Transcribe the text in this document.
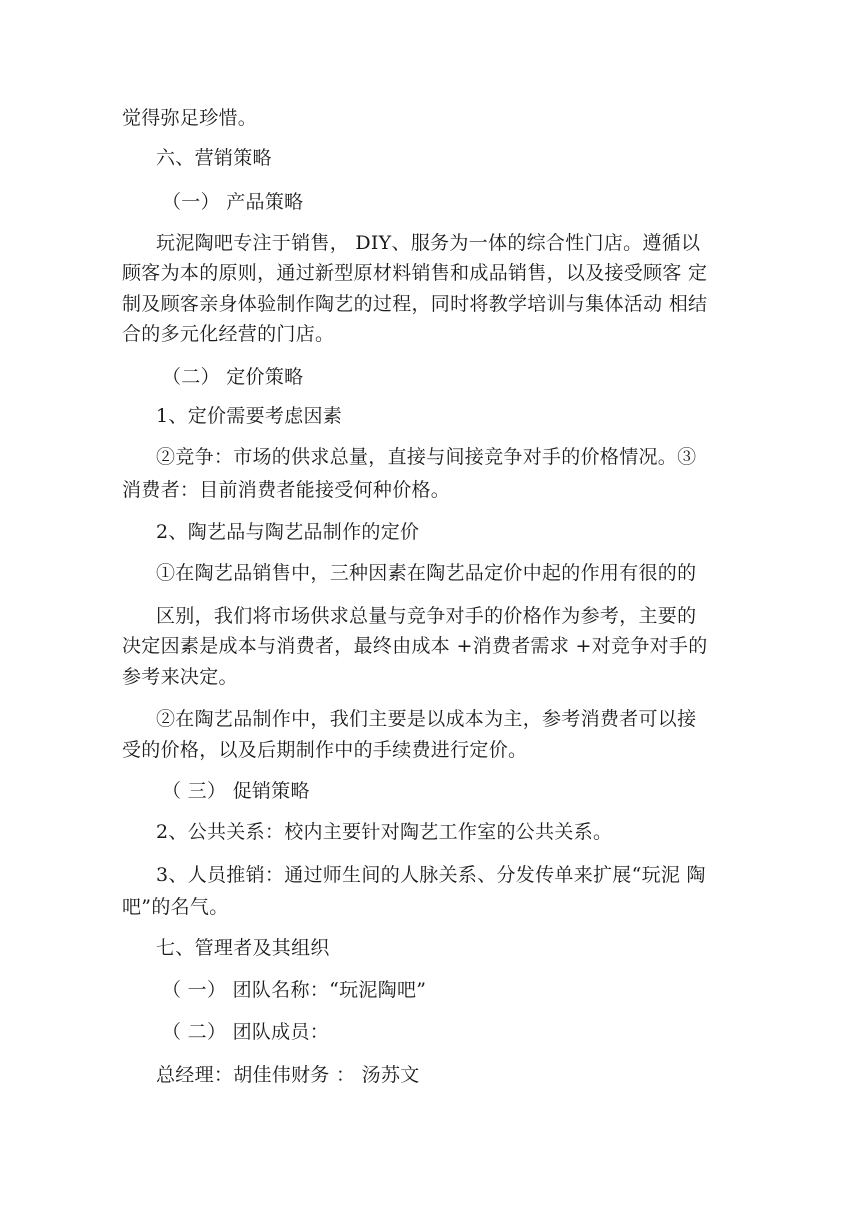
觉得弥足珍惜。
六、营销策略
（一） 产品策略
玩泥陶吧专注于销售， DIY、服务为一体的综合性门店。遵循以
顾客为本的原则，通过新型原材料销售和成品销售，以及接受顾客 定
制及顾客亲身体验制作陶艺的过程，同时将教学培训与集体活动 相结
合的多元化经营的门店。
（二） 定价策略
1、定价需要考虑因素
②竞争：市场的供求总量，直接与间接竞争对手的价格情况。③
消费者：目前消费者能接受何种价格。
2、陶艺品与陶艺品制作的定价
①在陶艺品销售中，三种因素在陶艺品定价中起的作用有很的的
区别，我们将市场供求总量与竞争对手的价格作为参考，主要的
决定因素是成本与消费者，最终由成本 +消费者需求 +对竞争对手的
参考来决定。
②在陶艺品制作中，我们主要是以成本为主，参考消费者可以接
受的价格，以及后期制作中的手续费进行定价。
（ 三） 促销策略
2、公共关系：校内主要针对陶艺工作室的公共关系。
3、人员推销：通过师生间的人脉关系、分发传单来扩展“玩泥 陶
吧”的名气。
七、管理者及其组织
（ 一） 团队名称：“玩泥陶吧”
（ 二） 团队成员：
总经理：胡佳伟财务 ： 汤苏文
